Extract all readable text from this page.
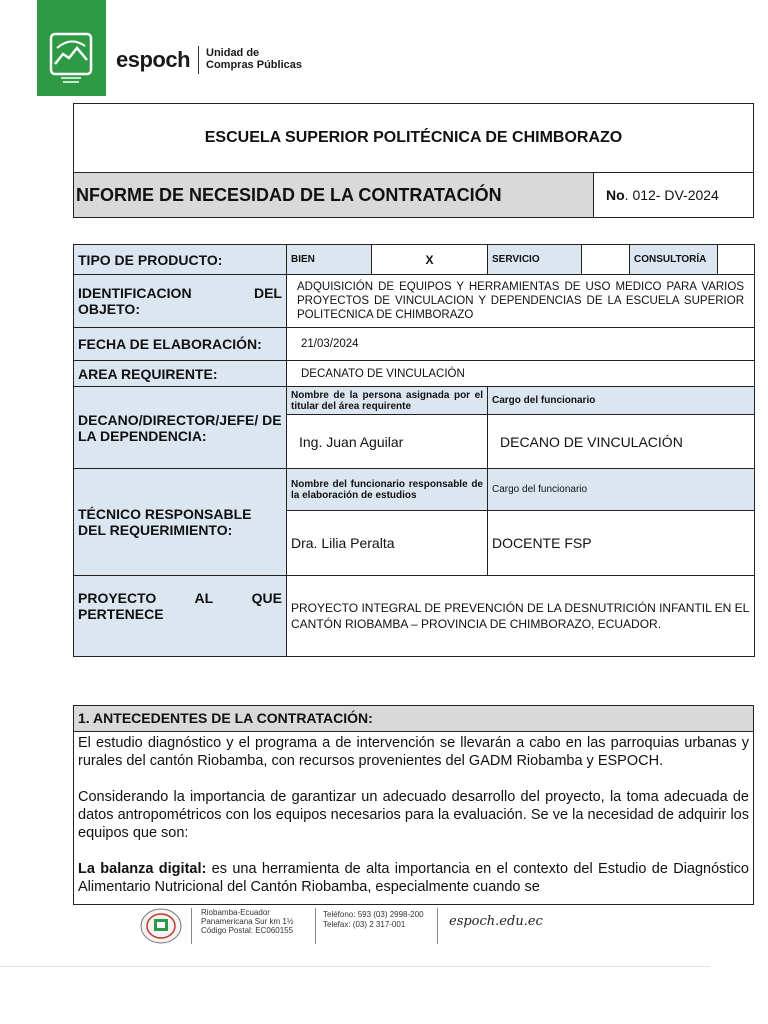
espoch Unidad de
Compras Públicas
ESCUELA SUPERIOR POLITÉCNICA DE CHIMBORAZO
NFORME DE NECESIDAD DE LA CONTRATACIÓN	No. 012- DV-2024
TIPO DE PRODUCTO:	BIEN	X	SERVICIO		CONSULTORÍA	

IDENTIFICACION DEL
OBJETO:	ADQUISICIÓN DE EQUIPOS Y HERRAMIENTAS DE USO MEDICO PARA VARIOS PROYECTOS DE VINCULACION Y DEPENDENCIAS DE LA ESCUELA SUPERIOR POLITECNICA DE CHIMBORAZO					
FECHA DE ELABORACIÓN:	21/03/2024					
AREA REQUIRENTE:	DECANATO DE VINCULACIÓN					
DECANO/DIRECTOR/JEFE/ DE LA DEPENDENCIA:	Nombre de la persona asignada por el titular del área requirente		Cargo del funcionario			
	Ing. Juan Aguilar		DECANO DE VINCULACIÓN			
TÉCNICO RESPONSABLE DEL REQUERIMIENTO:	Nombre del funcionario responsable de la elaboración de estudios		Cargo del funcionario			
	Dra. Lilia Peralta		DOCENTE FSP			

PROYECTO AL QUE
PERTENECE	PROYECTO INTEGRAL DE PREVENCIÓN DE LA DESNUTRICIÓN INFANTIL EN EL CANTÓN RIOBAMBA – PROVINCIA DE CHIMBORAZO, ECUADOR.					
1. ANTECEDENTES DE LA CONTRATACIÓN:

El estudio diagnóstico y el programa a de intervención se llevarán a cabo en las parroquias urbanas y rurales del cantón Riobamba, con recursos provenientes del GADM Riobamba y ESPOCH.

Considerando la importancia de garantizar un adecuado desarrollo del proyecto, la toma adecuada de datos antropométricos con los equipos necesarios para la evaluación. Se ve la necesidad de adquirir los equipos que son:

La balanza digital: es una herramienta de alta importancia en el contexto del Estudio de Diagnóstico Alimentario Nutricional del Cantón Riobamba, especialmente cuando se

Riobamba-Ecuador
Panamericana Sur km 1½
Código Postal: EC060155
Teléfono: 593 (03) 2998-200
Telefax: (03) 2 317-001	espoch.edu.ec
